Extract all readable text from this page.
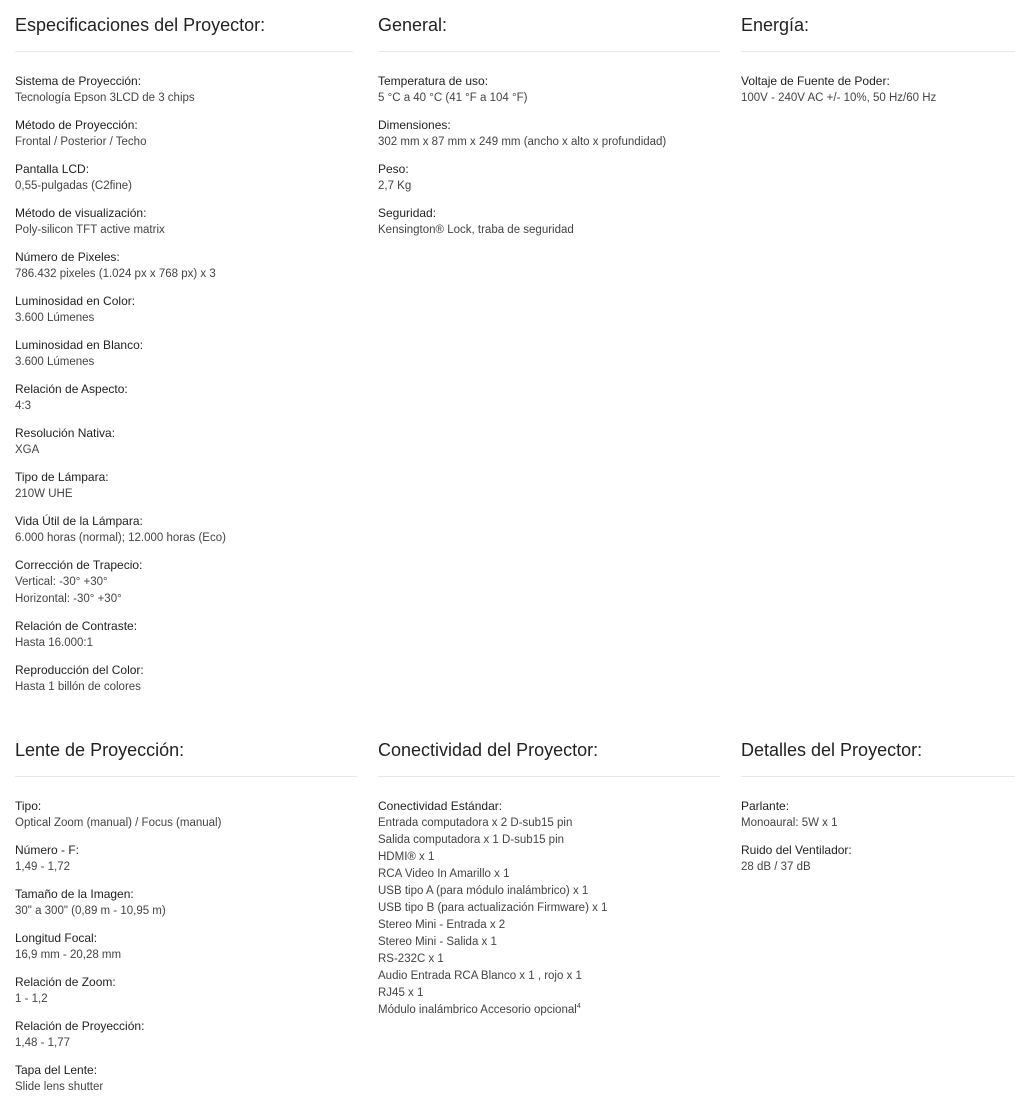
Especificaciones del Proyector:
Sistema de Proyección:
Tecnología Epson 3LCD de 3 chips
Método de Proyección:
Frontal / Posterior / Techo
Pantalla LCD:
0,55-pulgadas (C2fine)
Método de visualización:
Poly-silicon TFT active matrix
Número de Pixeles:
786.432 pixeles (1.024 px x 768 px) x 3
Luminosidad en Color:
3.600 Lúmenes
Luminosidad en Blanco:
3.600 Lúmenes
Relación de Aspecto:
4:3
Resolución Nativa:
XGA
Tipo de Lámpara:
210W UHE
Vida Útil de la Lámpara:
6.000 horas (normal); 12.000 horas (Eco)
Corrección de Trapecio:
Vertical: -30° +30°
Horizontal: -30° +30°
Relación de Contraste:
Hasta 16.000:1
Reproducción del Color:
Hasta 1 billón de colores
General:
Temperatura de uso:
5 °C a 40 °C (41 °F a 104 °F)
Dimensiones:
302 mm x 87 mm x 249 mm (ancho x alto x profundidad)
Peso:
2,7 Kg
Seguridad:
Kensington® Lock, traba de seguridad
Energía:
Voltaje de Fuente de Poder:
100V - 240V AC +/- 10%, 50 Hz/60 Hz
Lente de Proyección:
Tipo:
Optical Zoom (manual) / Focus (manual)
Número - F:
1,49 - 1,72
Tamaño de la Imagen:
30" a 300" (0,89 m - 10,95 m)
Longitud Focal:
16,9 mm - 20,28 mm
Relación de Zoom:
1 - 1,2
Relación de Proyección:
1,48 - 1,77
Tapa del Lente:
Slide lens shutter
Conectividad del Proyector:
Conectividad Estándar:
Entrada computadora x 2 D-sub15 pin
Salida computadora x 1 D-sub15 pin
HDMI® x 1
RCA Video In Amarillo x 1
USB tipo A (para módulo inalámbrico) x 1
USB tipo B (para actualización Firmware) x 1
Stereo Mini - Entrada x 2
Stereo Mini - Salida x 1
RS-232C x 1
Audio Entrada RCA Blanco x 1 , rojo x 1
RJ45 x 1
Módulo inalámbrico Accesorio opcional$^4$
Detalles del Proyector:
Parlante:
Monoaural: 5W x 1
Ruido del Ventilador:
28 dB / 37 dB
